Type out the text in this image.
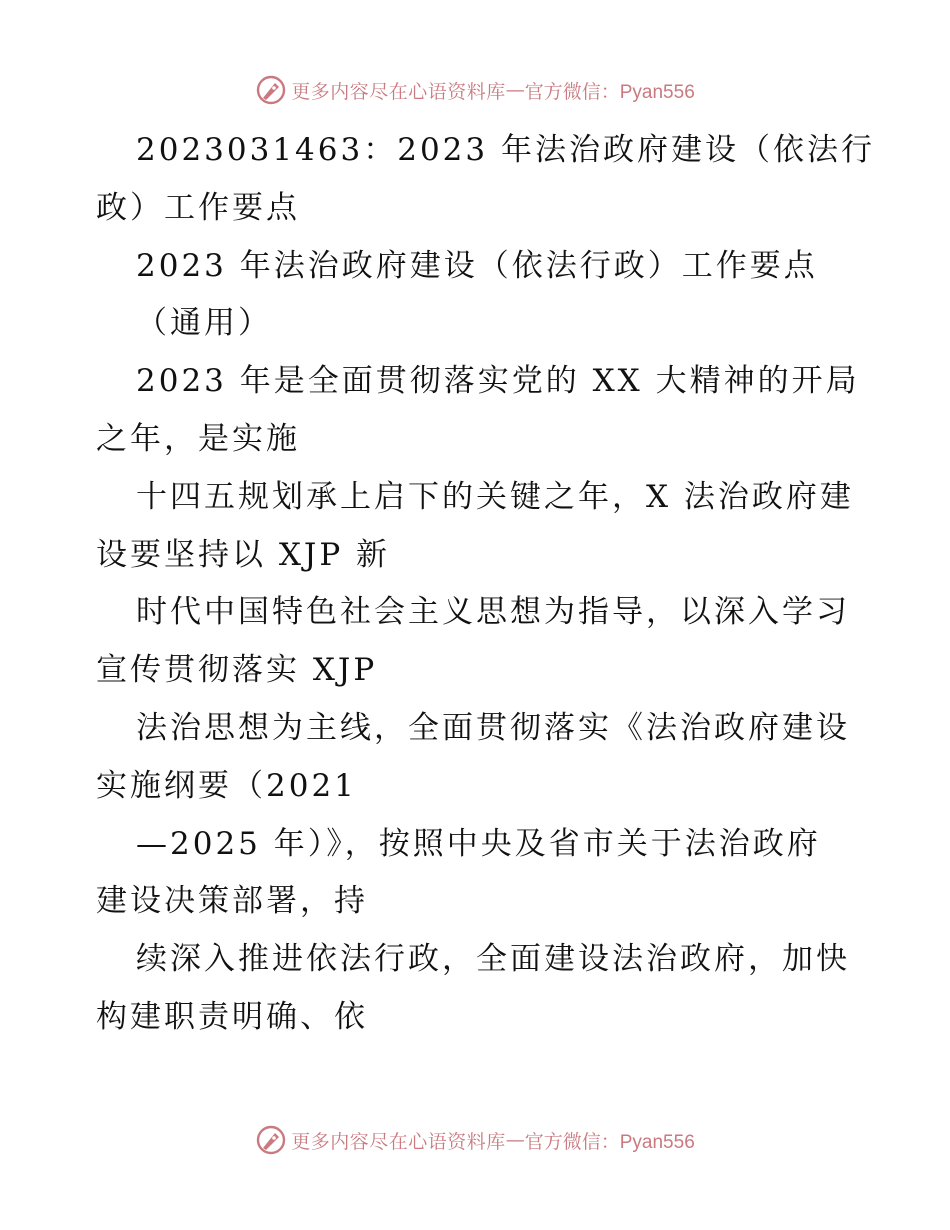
更多内容尽在心语资料库 — 官方微信：Pyan556
2023031463：2023 年法治政府建设（依法行
政）工作要点
2023 年法治政府建设（依法行政）工作要点
（通用）
2023 年是全面贯彻落实党的 XX 大精神的开局
之年，是实施
十四五规划承上启下的关键之年，X 法治政府建
设要坚持以 XJP 新
时代中国特色社会主义思想为指导，以深入学习
宣传贯彻落实 XJP
法治思想为主线，全面贯彻落实《法治政府建设
实施纲要（2021
—2025 年）》，按照中央及省市关于法治政府
建设决策部署，持
续深入推进依法行政，全面建设法治政府，加快
构建职责明确、依
更多内容尽在心语资料库 — 官方微信：Pyan556
